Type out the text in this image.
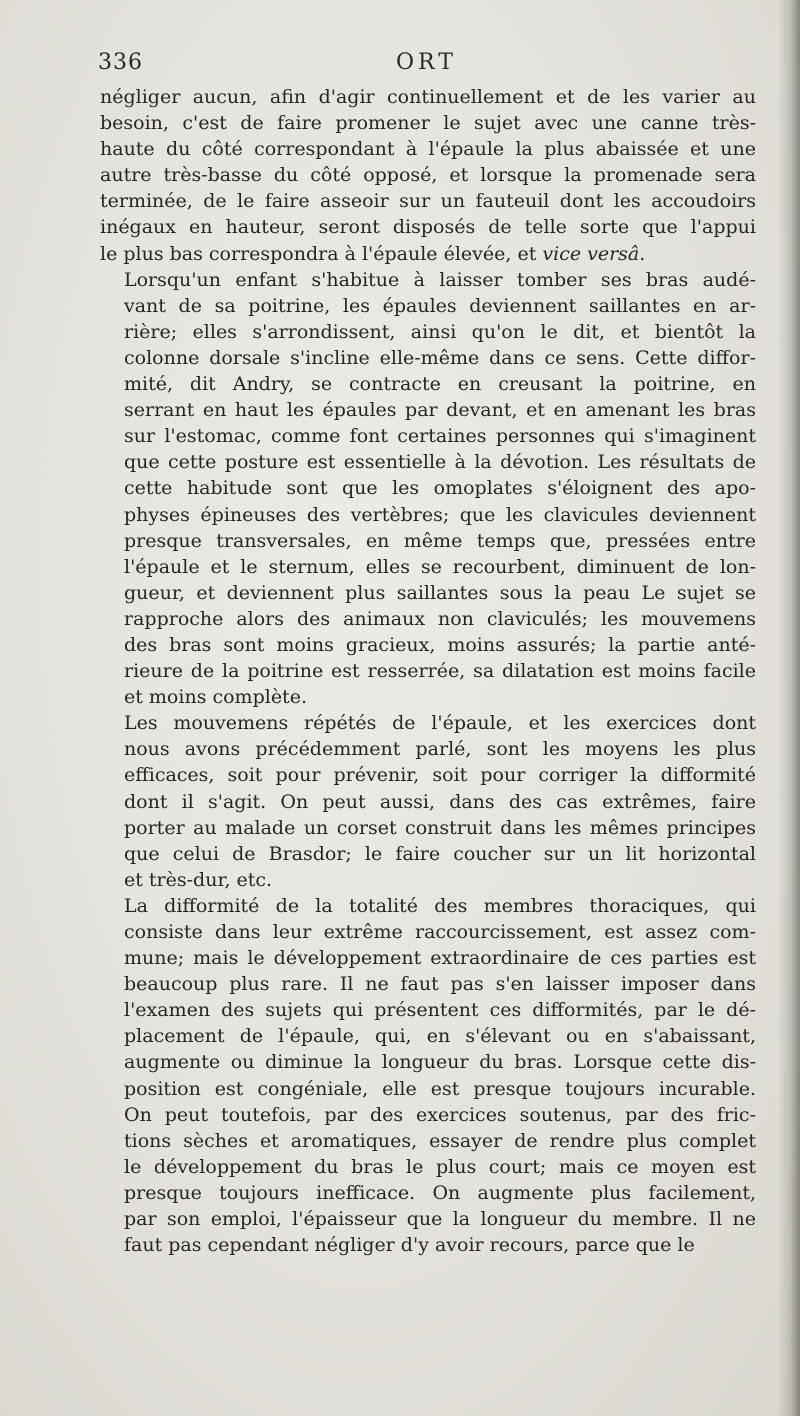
336	ORT

négliger aucun, afin d'agir continuellement et de les varier au
besoin, c'est de faire promener le sujet avec une canne très-
haute du côté correspondant à l'épaule la plus abaissée et une
autre très-basse du côté opposé, et lorsque la promenade sera
terminée, de le faire asseoir sur un fauteuil dont les accoudoirs
inégaux en hauteur, seront disposés de telle sorte que l'appui
le plus bas correspondra à l'épaule élevée, et vice versâ.

Lorsqu'un enfant s'habitue à laisser tomber ses bras audé-
vant de sa poitrine, les épaules deviennent saillantes en ar-
rière; elles s'arrondissent, ainsi qu'on le dit, et bientôt la
colonne dorsale s'incline elle-même dans ce sens. Cette diffor-
mité, dit Andry, se contracte en creusant la poitrine, en
serrant en haut les épaules par devant, et en amenant les bras
sur l'estomac, comme font certaines personnes qui s'imaginent
que cette posture est essentielle à la dévotion. Les résultats de
cette habitude sont que les omoplates s'éloignent des apo-
physes épineuses des vertèbres; que les clavicules deviennent
presque transversales, en même temps que, pressées entre
l'épaule et le sternum, elles se recourbent, diminuent de lon-
gueur, et deviennent plus saillantes sous la peau Le sujet se
rapproche alors des animaux non claviculés; les mouvemens
des bras sont moins gracieux, moins assurés; la partie anté-
rieure de la poitrine est resserrée, sa dilatation est moins facile
et moins complète.

Les mouvemens répétés de l'épaule, et les exercices dont
nous avons précédemment parlé, sont les moyens les plus
efficaces, soit pour prévenir, soit pour corriger la difformité
dont il s'agit. On peut aussi, dans des cas extrêmes, faire
porter au malade un corset construit dans les mêmes principes
que celui de Brasdor; le faire coucher sur un lit horizontal
et très-dur, etc.

La difformité de la totalité des membres thoraciques, qui
consiste dans leur extrême raccourcissement, est assez com-
mune; mais le développement extraordinaire de ces parties est
beaucoup plus rare. Il ne faut pas s'en laisser imposer dans
l'examen des sujets qui présentent ces difformités, par le dé-
placement de l'épaule, qui, en s'élevant ou en s'abaissant,
augmente ou diminue la longueur du bras. Lorsque cette dis-
position est congéniale, elle est presque toujours incurable.
On peut toutefois, par des exercices soutenus, par des fric-
tions sèches et aromatiques, essayer de rendre plus complet
le développement du bras le plus court; mais ce moyen est
presque toujours inefficace. On augmente plus facilement,
par son emploi, l'épaisseur que la longueur du membre. Il ne
faut pas cependant négliger d'y avoir recours, parce que le
